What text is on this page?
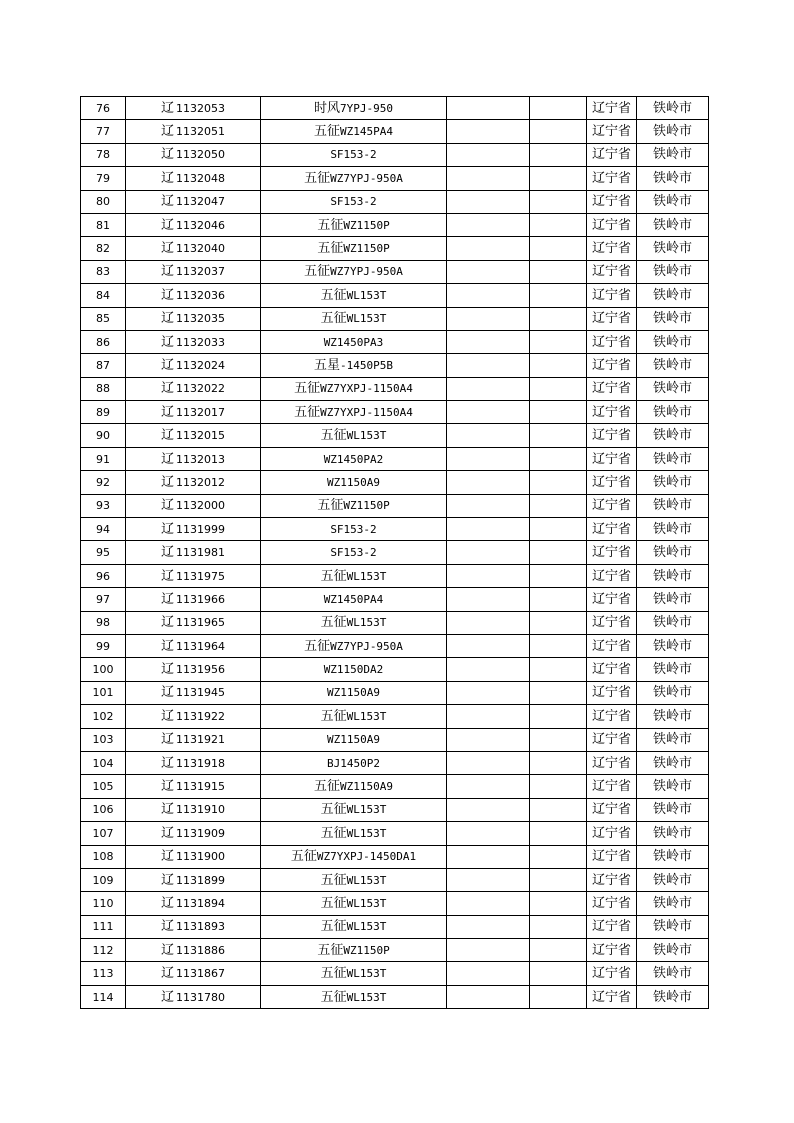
76	辽 1132053	时风7YPJ-950			辽宁省	铁岭市
77	辽 1132051	五征WZ145PA4			辽宁省	铁岭市
78	辽 1132050	SF153-2			辽宁省	铁岭市
79	辽 1132048	五征WZ7YPJ-950A			辽宁省	铁岭市
80	辽 1132047	SF153-2			辽宁省	铁岭市
81	辽 1132046	五征WZ1150P			辽宁省	铁岭市
82	辽 1132040	五征WZ1150P			辽宁省	铁岭市
83	辽 1132037	五征WZ7YPJ-950A			辽宁省	铁岭市
84	辽 1132036	五征WL153T			辽宁省	铁岭市
85	辽 1132035	五征WL153T			辽宁省	铁岭市
86	辽 1132033	WZ1450PA3			辽宁省	铁岭市
87	辽 1132024	五星-1450P5B			辽宁省	铁岭市
88	辽 1132022	五征WZ7YXPJ-1150A4			辽宁省	铁岭市
89	辽 1132017	五征WZ7YXPJ-1150A4			辽宁省	铁岭市
90	辽 1132015	五征WL153T			辽宁省	铁岭市
91	辽 1132013	WZ1450PA2			辽宁省	铁岭市
92	辽 1132012	WZ1150A9			辽宁省	铁岭市
93	辽 1132000	五征WZ1150P			辽宁省	铁岭市
94	辽 1131999	SF153-2			辽宁省	铁岭市
95	辽 1131981	SF153-2			辽宁省	铁岭市
96	辽 1131975	五征WL153T			辽宁省	铁岭市
97	辽 1131966	WZ1450PA4			辽宁省	铁岭市
98	辽 1131965	五征WL153T			辽宁省	铁岭市
99	辽 1131964	五征WZ7YPJ-950A			辽宁省	铁岭市
100	辽 1131956	WZ1150DA2			辽宁省	铁岭市
101	辽 1131945	WZ1150A9			辽宁省	铁岭市
102	辽 1131922	五征WL153T			辽宁省	铁岭市
103	辽 1131921	WZ1150A9			辽宁省	铁岭市
104	辽 1131918	BJ1450P2			辽宁省	铁岭市
105	辽 1131915	五征WZ1150A9			辽宁省	铁岭市
106	辽 1131910	五征WL153T			辽宁省	铁岭市
107	辽 1131909	五征WL153T			辽宁省	铁岭市
108	辽 1131900	五征WZ7YXPJ-1450DA1			辽宁省	铁岭市
109	辽 1131899	五征WL153T			辽宁省	铁岭市
110	辽 1131894	五征WL153T			辽宁省	铁岭市
111	辽 1131893	五征WL153T			辽宁省	铁岭市
112	辽 1131886	五征WZ1150P			辽宁省	铁岭市
113	辽 1131867	五征WL153T			辽宁省	铁岭市
114	辽 1131780	五征WL153T			辽宁省	铁岭市
